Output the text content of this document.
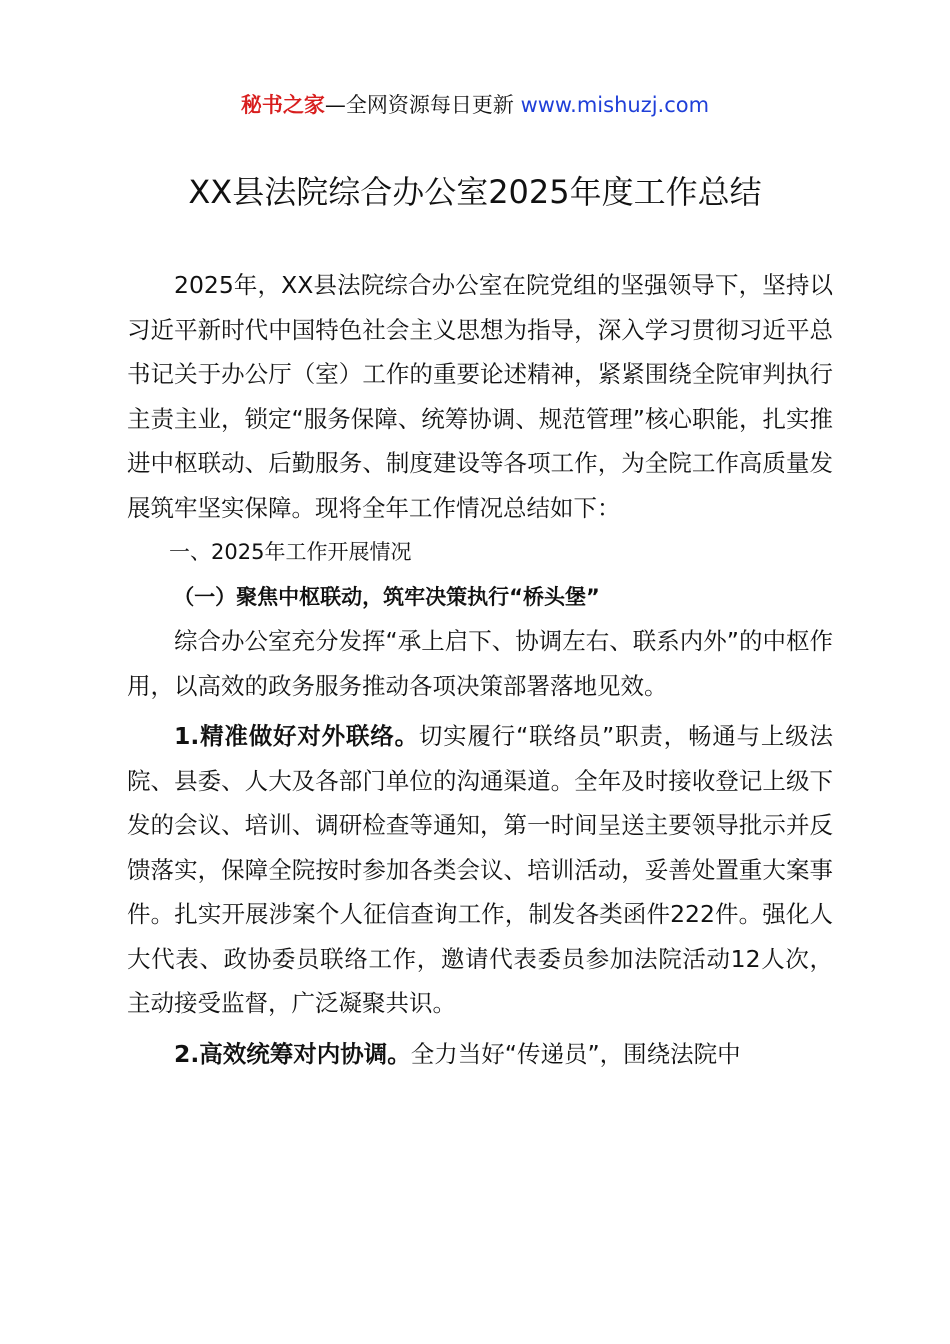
秘书之家—全网资源每日更新 www.mishuzj.com
XX县法院综合办公室2025年度工作总结

2025年，XX县法院综合办公室在院党组的坚强领导下，坚持以习近平新时代中国特色社会主义思想为指导，深入学习贯彻习近平总书记关于办公厅（室）工作的重要论述精神，紧紧围绕全院审判执行主责主业，锁定“服务保障、统筹协调、规范管理”核心职能，扎实推进中枢联动、后勤服务、制度建设等各项工作，为全院工作高质量发展筑牢坚实保障。现将全年工作情况总结如下：

一、2025年工作开展情况

（一）聚焦中枢联动，筑牢决策执行“桥头堡”

综合办公室充分发挥“承上启下、协调左右、联系内外”的中枢作用，以高效的政务服务推动各项决策部署落地见效。

1.精准做好对外联络。切实履行“联络员”职责，畅通与上级法院、县委、人大及各部门单位的沟通渠道。全年及时接收登记上级下发的会议、培训、调研检查等通知，第一时间呈送主要领导批示并反馈落实，保障全院按时参加各类会议、培训活动，妥善处置重大案事件。扎实开展涉案个人征信查询工作，制发各类函件222件。强化人大代表、政协委员联络工作，邀请代表委员参加法院活动12人次，主动接受监督，广泛凝聚共识。

2.高效统筹对内协调。全力当好“传递员”，围绕法院中
